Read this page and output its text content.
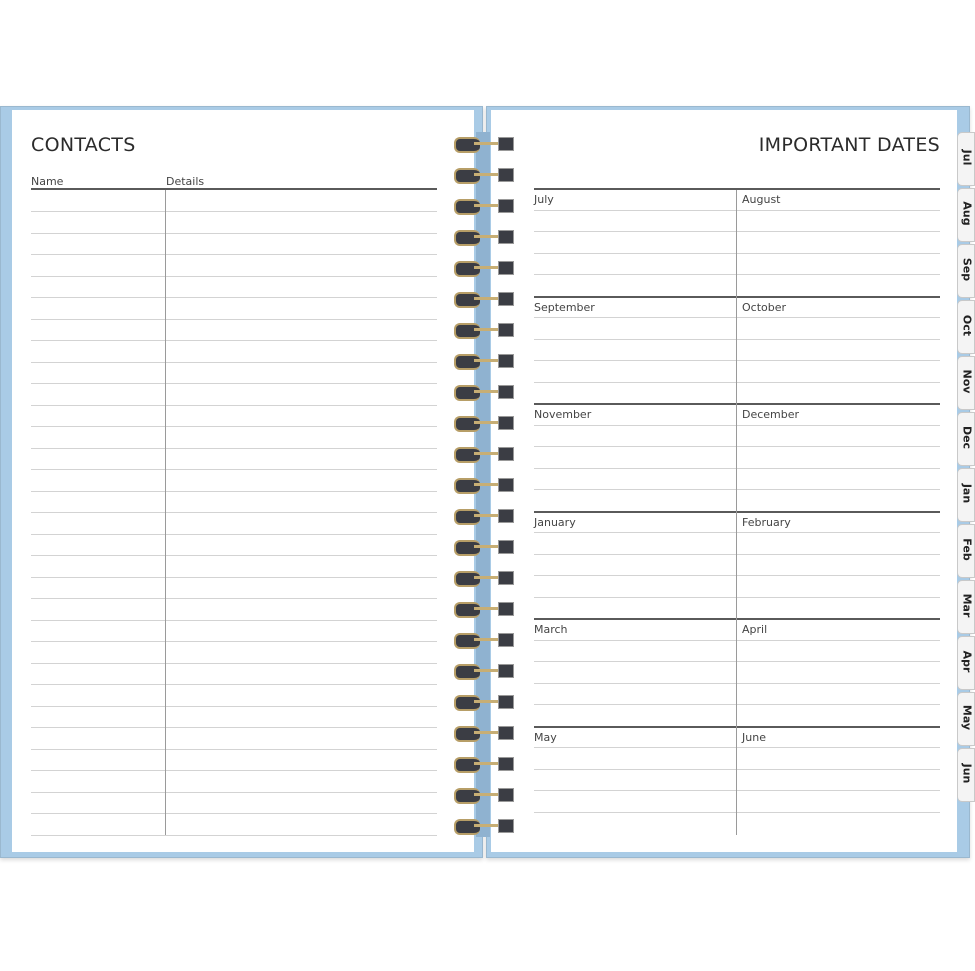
CONTACTS
Name	Details
IMPORTANT DATES
July	August
September	October
November	December
January	February
March	April
May	June
Jul
Aug
Sep
Oct
Nov
Dec
Jan
Feb
Mar
Apr
May
Jun
